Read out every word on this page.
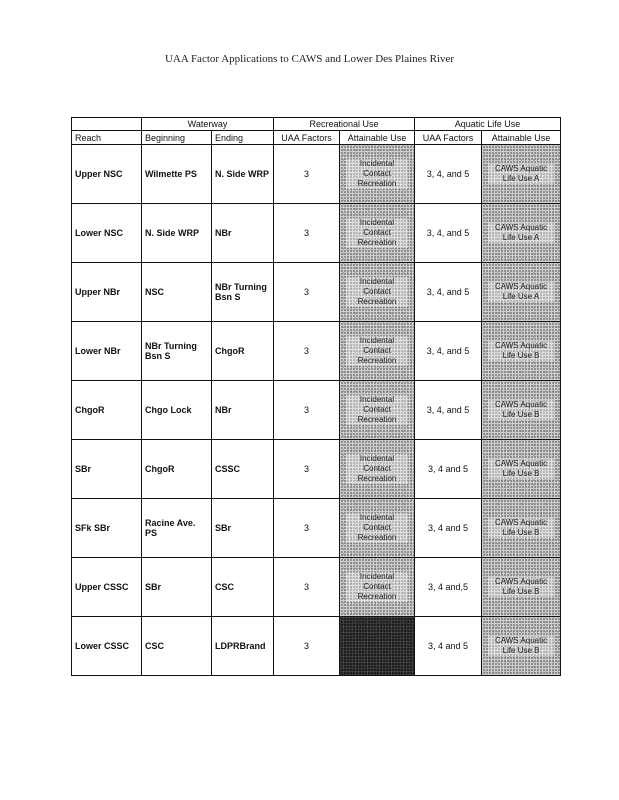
UAA Factor Applications to CAWS and Lower Des Plaines River
	Waterway		Recreational Use		Aquatic Life Use	
Reach	Beginning	Ending	UAA Factors	Attainable Use	UAA Factors	Attainable Use
Upper NSC	Wilmette PS	N. Side WRP	3	Incidental Contact Recreation	3, 4, and 5	CAWS Aquatic Life Use A

Lower NSC	N. Side WRP	NBr	3	Incidental Contact Recreation	3, 4, and 5	CAWS Aquatic Life Use A

Upper NBr	NSC	NBr Turning Bsn S	3	Incidental Contact Recreation	3, 4, and 5	CAWS Aquatic Life Use A

Lower NBr	NBr Turning Bsn S	ChgoR	3	Incidental Contact Recreation	3, 4, and 5	CAWS Aquatic Life Use B

ChgoR	Chgo Lock	NBr	3	Incidental Contact Recreation	3, 4, and 5	CAWS Aquatic Life Use B

SBr	ChgoR	CSSC	3	Incidental Contact Recreation	3, 4 and 5	CAWS Aquatic Life Use B

SFk SBr	Racine Ave. PS	SBr	3	Incidental Contact Recreation	3, 4 and 5	CAWS Aquatic Life Use B

Upper CSSC	SBr	CSC	3	Incidental Contact Recreation	3, 4 and,5	CAWS Aquatic Life Use B

Lower CSSC	CSC	LDPRBrand	3		3, 4 and 5	CAWS Aquatic Life Use B
